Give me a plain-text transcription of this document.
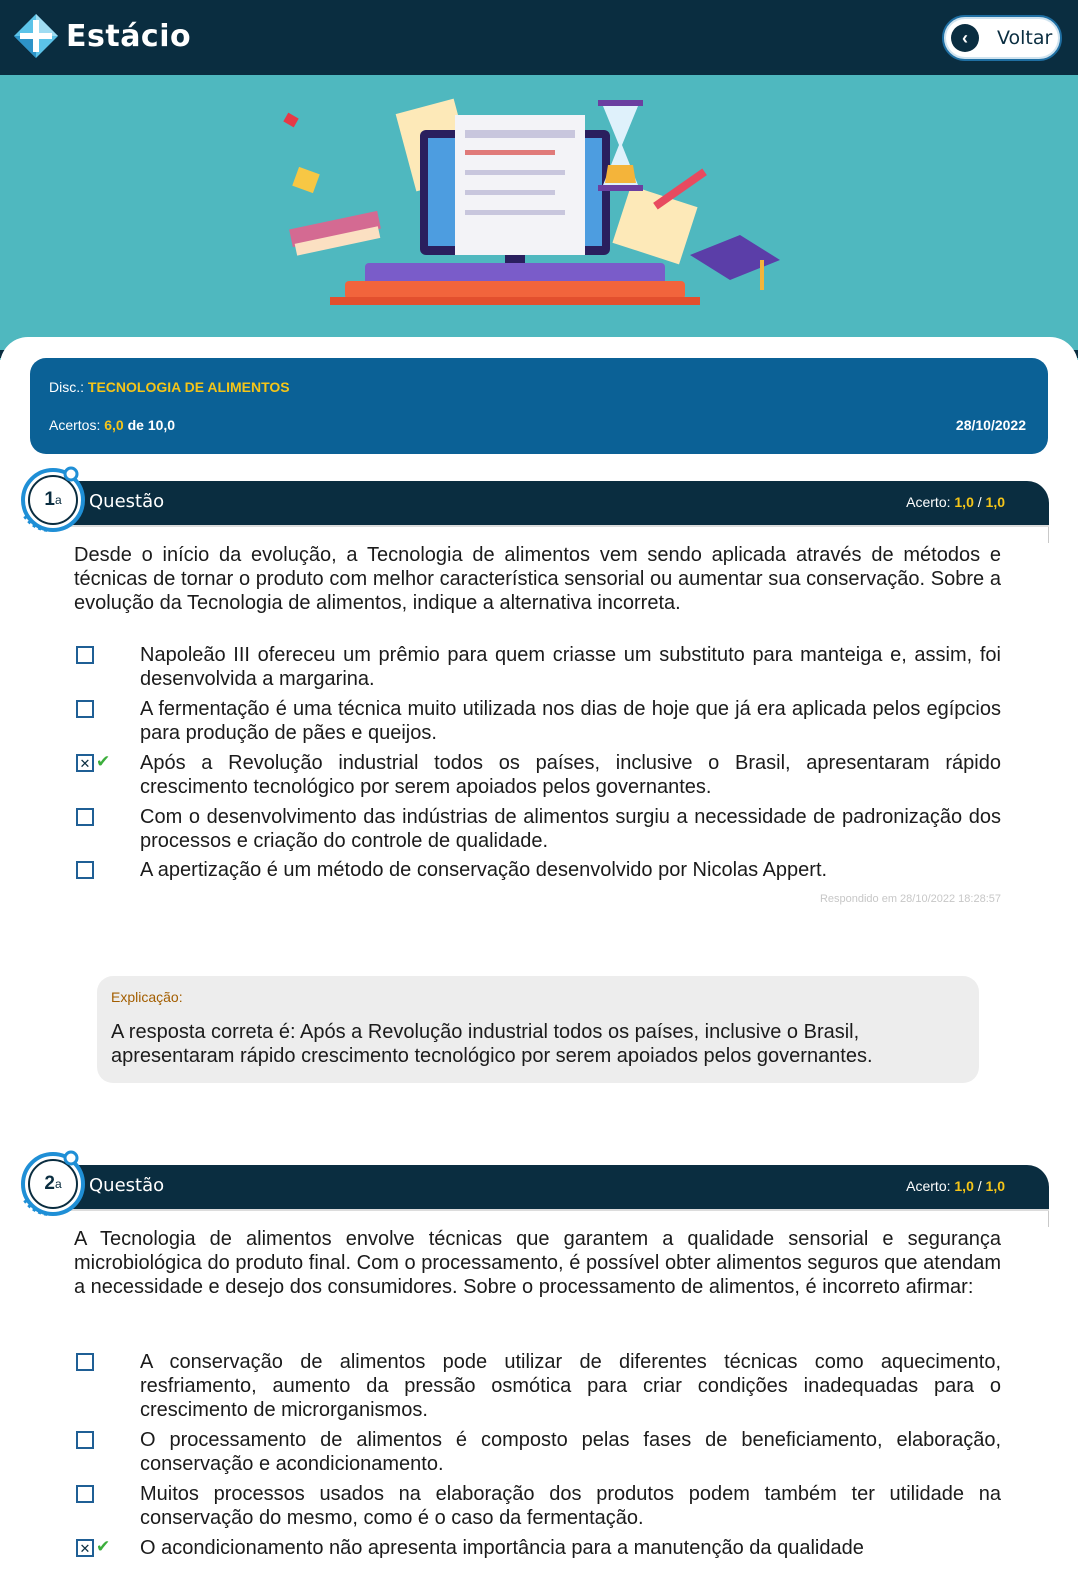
Estácio	‹	Voltar
Disc.: TECNOLOGIA DE ALIMENTOS
Acertos: 6,0 de 10,0	28/10/2022
Questão	Acerto: 1,0 / 1,0
1 a
Desde o início da evolução, a Tecnologia de alimentos vem sendo aplicada através de métodos e técnicas de tornar o produto com melhor característica sensorial ou aumentar sua conservação. Sobre a evolução da Tecnologia de alimentos, indique a alternativa incorreta.
Napoleão III ofereceu um prêmio para quem criasse um substituto para manteiga e, assim, foi desenvolvida a margarina.
A fermentação é uma técnica muito utilizada nos dias de hoje que já era aplicada pelos egípcios para produção de pães e queijos.
✕ ✔ Após a Revolução industrial todos os países, inclusive o Brasil, apresentaram rápido crescimento tecnológico por serem apoiados pelos governantes.
Com o desenvolvimento das indústrias de alimentos surgiu a necessidade de padronização dos processos e criação do controle de qualidade.
A apertização é um método de conservação desenvolvido por Nicolas Appert.
Respondido em 28/10/2022 18:28:57
Explicação:
A resposta correta é: Após a Revolução industrial todos os países, inclusive o Brasil, apresentaram rápido crescimento tecnológico por serem apoiados pelos governantes.
Questão	Acerto: 1,0 / 1,0
2 a
A Tecnologia de alimentos envolve técnicas que garantem a qualidade sensorial e segurança microbiológica do produto final. Com o processamento, é possível obter alimentos seguros que atendam a necessidade e desejo dos consumidores. Sobre o processamento de alimentos, é incorreto afirmar:
A conservação de alimentos pode utilizar de diferentes técnicas como aquecimento, resfriamento, aumento da pressão osmótica para criar condições inadequadas para o crescimento de microrganismos.
O processamento de alimentos é composto pelas fases de beneficiamento, elaboração, conservação e acondicionamento.
Muitos processos usados na elaboração dos produtos podem também ter utilidade na conservação do mesmo, como é o caso da fermentação.
✕ ✔ O acondicionamento não apresenta importância para a manutenção da qualidade
